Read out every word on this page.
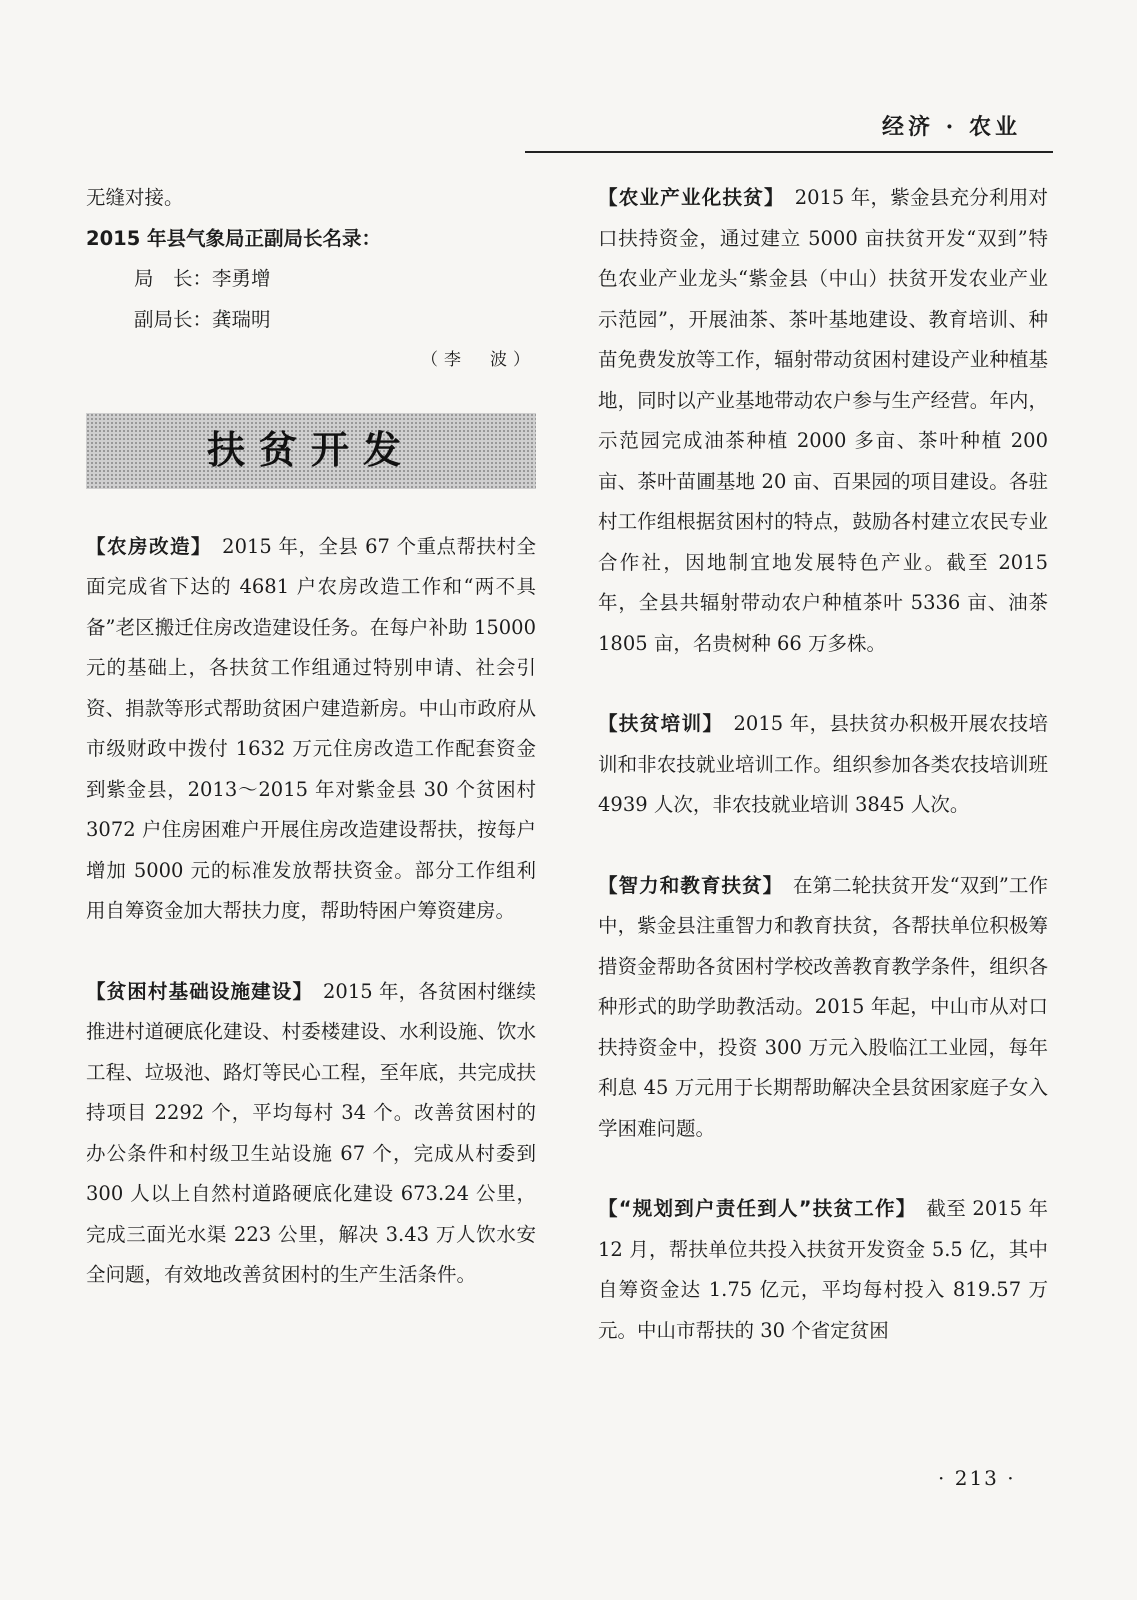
经济 · 农业

无缝对接。

2015 年县气象局正副局长名录：

局　长：李勇增

副局长：龚瑞明

（李　波）

扶贫开发

【农房改造】　2015 年，全县 67 个重点帮扶村全面完成省下达的 4681 户农房改造工作和“两不具备”老区搬迁住房改造建设任务。在每户补助 15000 元的基础上，各扶贫工作组通过特别申请、社会引资、捐款等形式帮助贫困户建造新房。中山市政府从市级财政中拨付 1632 万元住房改造工作配套资金到紫金县，2013～2015 年对紫金县 30 个贫困村 3072 户住房困难户开展住房改造建设帮扶，按每户增加 5000 元的标准发放帮扶资金。部分工作组利用自筹资金加大帮扶力度，帮助特困户筹资建房。

【贫困村基础设施建设】　2015 年，各贫困村继续推进村道硬底化建设、村委楼建设、水利设施、饮水工程、垃圾池、路灯等民心工程，至年底，共完成扶持项目 2292 个，平均每村 34 个。改善贫困村的办公条件和村级卫生站设施 67 个，完成从村委到 300 人以上自然村道路硬底化建设 673.24 公里，完成三面光水渠 223 公里，解决 3.43 万人饮水安全问题，有效地改善贫困村的生产生活条件。

【农业产业化扶贫】　2015 年，紫金县充分利用对口扶持资金，通过建立 5000 亩扶贫开发“双到”特色农业产业龙头“紫金县（中山）扶贫开发农业产业示范园”，开展油茶、茶叶基地建设、教育培训、种苗免费发放等工作，辐射带动贫困村建设产业种植基地，同时以产业基地带动农户参与生产经营。年内，示范园完成油茶种植 2000 多亩、茶叶种植 200 亩、茶叶苗圃基地 20 亩、百果园的项目建设。各驻村工作组根据贫困村的特点，鼓励各村建立农民专业合作社，因地制宜地发展特色产业。截至 2015 年，全县共辐射带动农户种植茶叶 5336 亩、油茶 1805 亩，名贵树种 66 万多株。

【扶贫培训】　2015 年，县扶贫办积极开展农技培训和非农技就业培训工作。组织参加各类农技培训班 4939 人次，非农技就业培训 3845 人次。

【智力和教育扶贫】　在第二轮扶贫开发“双到”工作中，紫金县注重智力和教育扶贫，各帮扶单位积极筹措资金帮助各贫困村学校改善教育教学条件，组织各种形式的助学助教活动。2015 年起，中山市从对口扶持资金中，投资 300 万元入股临江工业园，每年利息 45 万元用于长期帮助解决全县贫困家庭子女入学困难问题。

【“规划到户责任到人”扶贫工作】　截至 2015 年 12 月，帮扶单位共投入扶贫开发资金 5.5 亿，其中自筹资金达 1.75 亿元，平均每村投入 819.57 万元。中山市帮扶的 30 个省定贫困

· 213 ·
